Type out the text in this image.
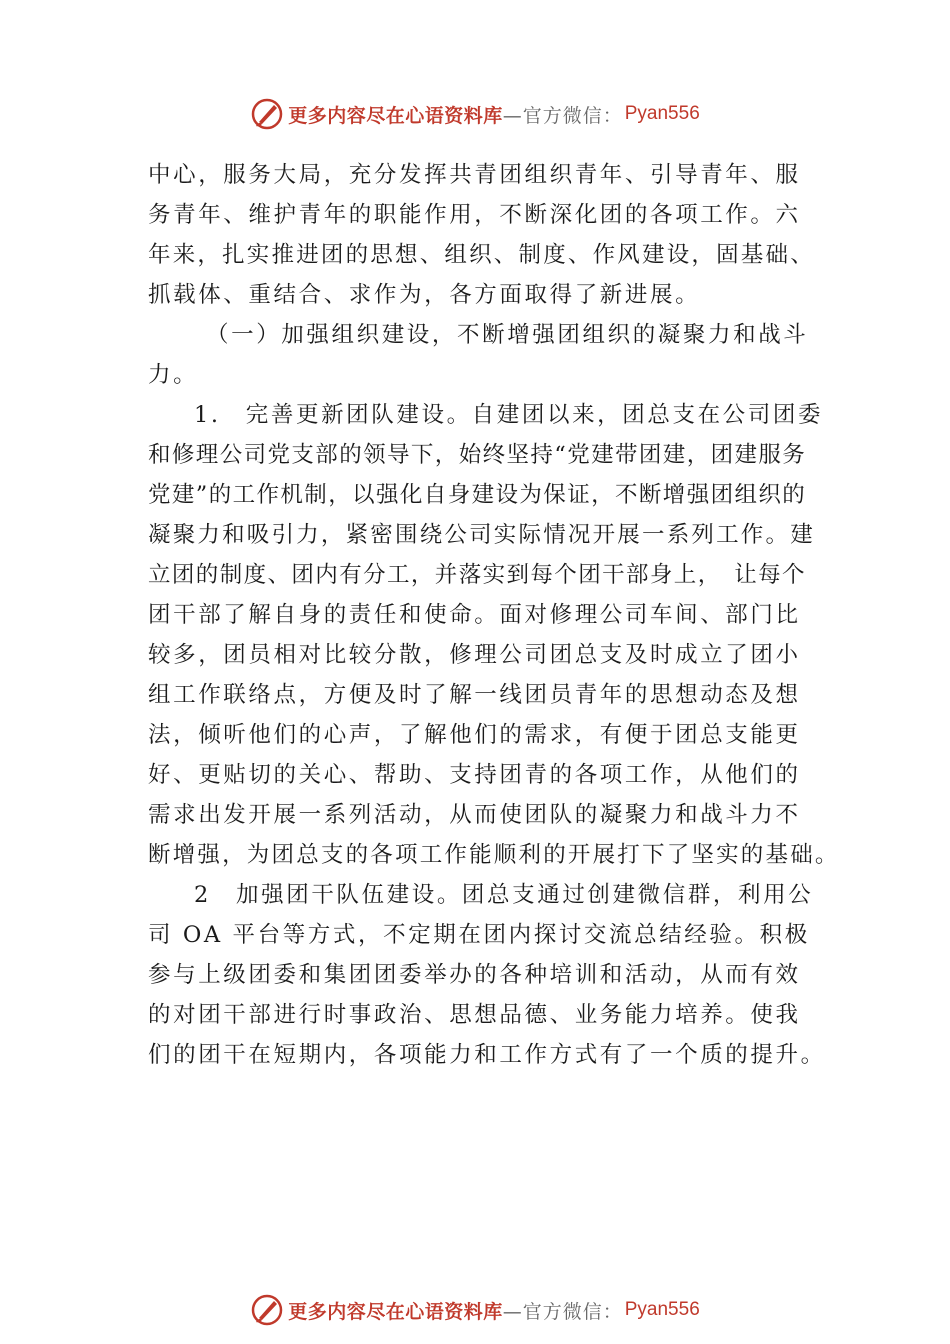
更多内容尽在心语资料库 —官方微信： Pyan556
中心，服务大局，充分发挥共青团组织青年、引导青年、服
务青年、维护青年的职能作用，不断深化团的各项工作。六
年来，扎实推进团的思想、组织、制度、作风建设，固基础、
抓载体、重结合、求作为，各方面取得了新进展。
（一）加强组织建设，不断增强团组织的凝聚力和战斗
力。
1.　完善更新团队建设。自建团以来，团总支在公司团委
和修理公司党支部的领导下，始终坚持“党建带团建，团建服务
党建”的工作机制，以强化自身建设为保证，不断增强团组织的
凝聚力和吸引力，紧密围绕公司实际情况开展一系列工作。建
立团的制度、团内有分工，并落实到每个团干部身上，　让每个
团干部了解自身的责任和使命。面对修理公司车间、部门比
较多，团员相对比较分散，修理公司团总支及时成立了团小
组工作联络点，方便及时了解一线团员青年的思想动态及想
法，倾听他们的心声，了解他们的需求，有便于团总支能更
好、更贴切的关心、帮助、支持团青的各项工作，从他们的
需求出发开展一系列活动，从而使团队的凝聚力和战斗力不
断增强，为团总支的各项工作能顺利的开展打下了坚实的基础。
2　加强团干队伍建设。团总支通过创建微信群，利用公
司 OA 平台等方式，不定期在团内探讨交流总结经验。积极
参与上级团委和集团团委举办的各种培训和活动，从而有效
的对团干部进行时事政治、思想品德、业务能力培养。使我
们的团干在短期内，各项能力和工作方式有了一个质的提升。
更多内容尽在心语资料库 —官方微信： Pyan556
